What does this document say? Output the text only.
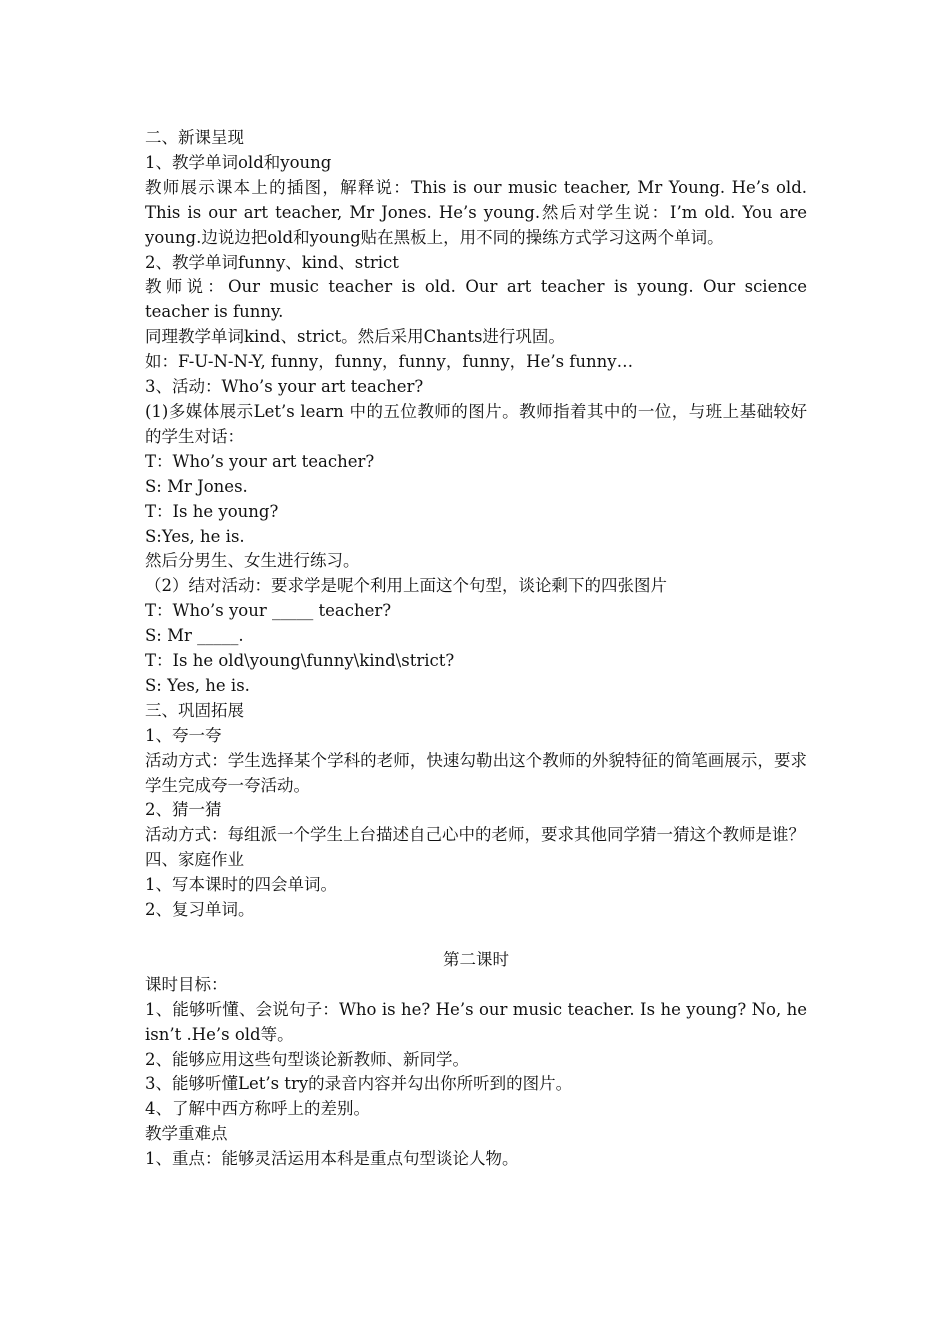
二、新课呈现

1、教学单词old和young

教师展示课本上的插图，解释说：This is our music teacher, Mr Young. He’s old. This is our art teacher, Mr Jones. He’s young.然后对学生说：I’m old. You are young.边说边把old和young贴在黑板上，用不同的操练方式学习这两个单词。

2、教学单词funny、kind、strict

教师说：Our music teacher is old. Our art teacher is young. Our science teacher is funny.

同理教学单词kind、strict。然后采用Chants进行巩固。

如：F-U-N-N-Y, funny，funny，funny，funny，He’s funny…

3、活动：Who’s your art teacher?

(1)多媒体展示Let’s learn 中的五位教师的图片。教师指着其中的一位，与班上基础较好的学生对话：

T：Who’s your art teacher?

S: Mr Jones.

T：Is he young?

S:Yes, he is.

然后分男生、女生进行练习。

（2）结对活动：要求学是呢个利用上面这个句型，谈论剩下的四张图片

T：Who’s your _____ teacher?

S: Mr _____.

T：Is he old\young\funny\kind\strict?

S: Yes, he is.

三、巩固拓展

1、夸一夸

活动方式：学生选择某个学科的老师，快速勾勒出这个教师的外貌特征的简笔画展示，要求学生完成夸一夸活动。

2、猜一猜

活动方式：每组派一个学生上台描述自己心中的老师，要求其他同学猜一猜这个教师是谁？

四、家庭作业

1、写本课时的四会单词。

2、复习单词。

第二课时

课时目标：

1、能够听懂、会说句子：Who is he? He’s our music teacher. Is he young? No, he isn’t .He’s old等。

2、能够应用这些句型谈论新教师、新同学。

3、能够听懂Let’s try的录音内容并勾出你所听到的图片。

4、了解中西方称呼上的差别。

教学重难点

1、重点：能够灵活运用本科是重点句型谈论人物。
